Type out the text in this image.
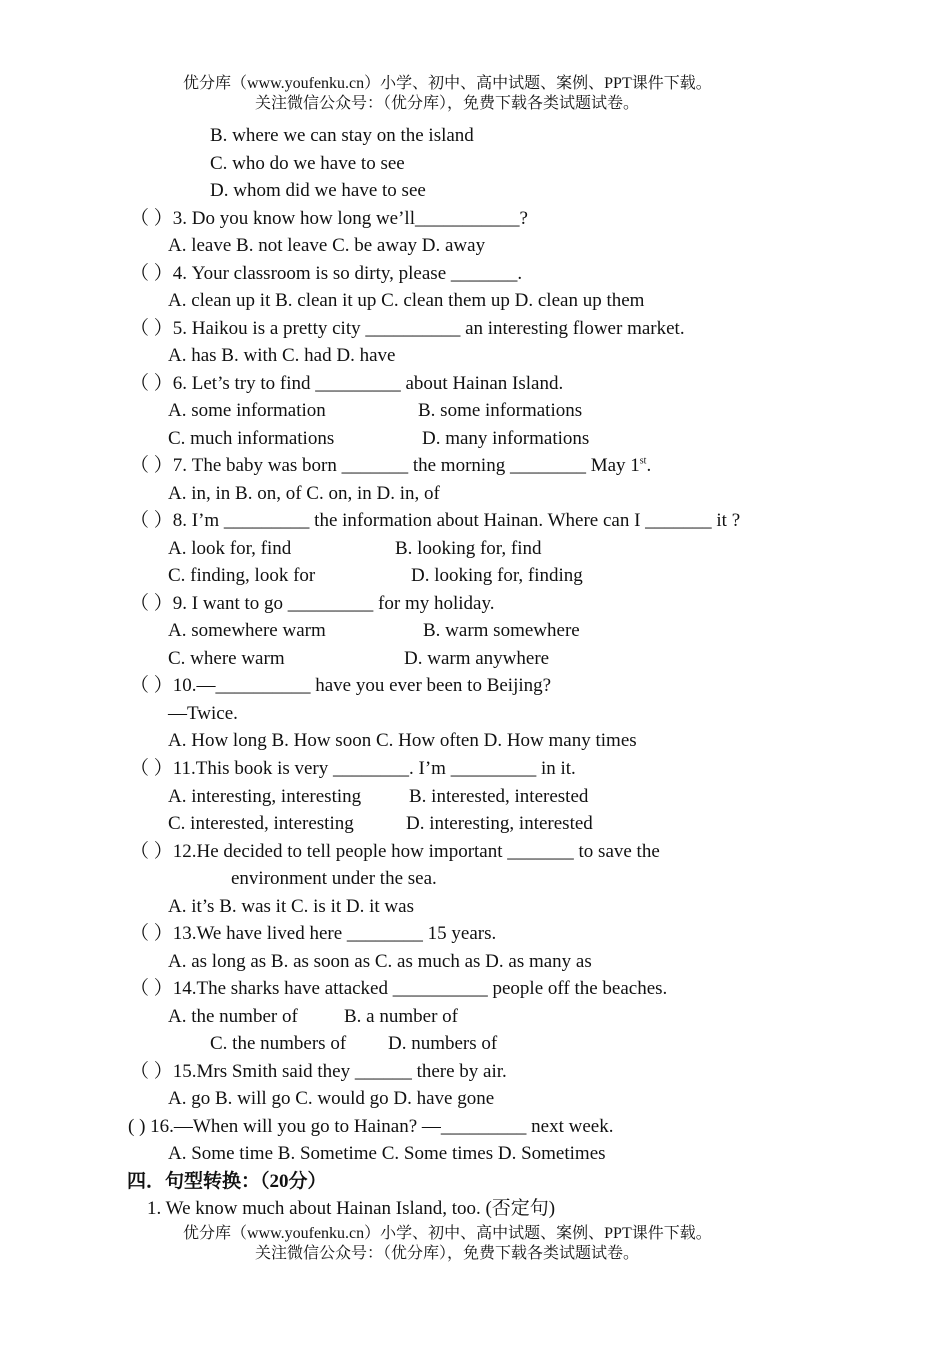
优分库（www.youfenku.cn）小学、初中、高中试题、案例、PPT课件下载。
关注微信公众号：（优分库），免费下载各类试题试卷。
B. where we can stay on the island
C. who do we have to see
D. whom did we have to see
（ ）3. Do you know how long we’ll___________?
A. leave B. not leave C. be away D. away
（ ）4. Your classroom is so dirty, please _______.
A. clean up it B. clean it up C. clean them up D. clean up them
（ ）5. Haikou is a pretty city __________ an interesting flower market.
A. has B. with C. had D. have
（ ）6. Let’s try to find _________ about Hainan Island.
A. some information	B. some informations
C. much informations	D. many informations
（ ）7. The baby was born _______ the morning ________ May 1st.
A. in, in B. on, of C. on, in D. in, of
（ ）8. I’m _________ the information about Hainan. Where can I _______ it ?
A. look for, find	B. looking for, find
C. finding, look for	D. looking for, finding
（ ）9. I want to go _________ for my holiday.
A. somewhere warm	B. warm somewhere
C. where warm	D. warm anywhere
（ ）10.—__________ have you ever been to Beijing?
—Twice.
A. How long B. How soon C. How often D. How many times
（ ）11.This book is very ________. I’m _________ in it.
A. interesting, interesting	B. interested, interested
C. interested, interesting	D. interesting, interested
（ ）12.He decided to tell people how important _______ to save the
environment under the sea.
A. it’s B. was it C. is it D. it was
（ ）13.We have lived here ________ 15 years.
A. as long as B. as soon as C. as much as D. as many as
（ ）14.The sharks have attacked __________ people off the beaches.
A. the number of B. a number of
C. the numbers of D. numbers of
（ ）15.Mrs Smith said they ______ there by air.
A. go B. will go C. would go D. have gone
( ) 16.—When will you go to Hainan? —_________ next week.
A. Some time B. Sometime C. Some times D. Sometimes
四．句型转换：（20分）
1. We know much about Hainan Island, too. (否定句)
优分库（www.youfenku.cn）小学、初中、高中试题、案例、PPT课件下载。
关注微信公众号：（优分库），免费下载各类试题试卷。
